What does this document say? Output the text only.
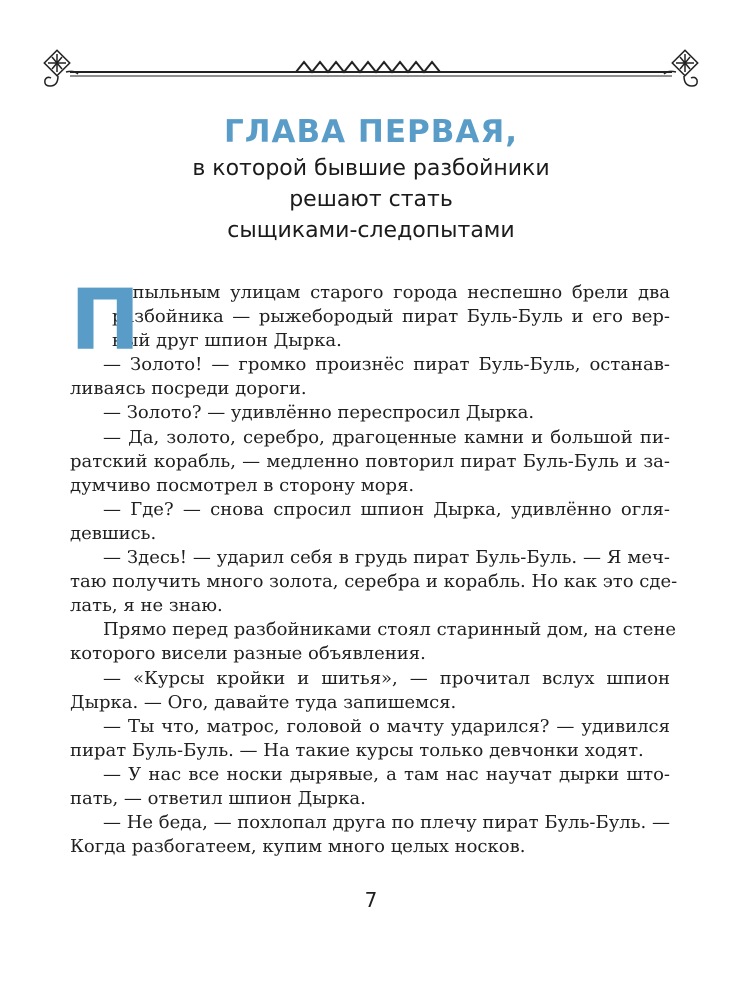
ГЛАВА ПЕРВАЯ,

в которой бывшие разбойники

решают стать

сыщиками-следопытами

П
о пыльным улицам старого города неспешно брели два
разбойника — рыжебородый пират Буль-Буль и его вер-
ный друг шпион Дырка.
— Золото! — громко произнёс пират Буль-Буль, останав-
ливаясь посреди дороги.
— Золото? — удивлённо переспросил Дырка.
— Да, золото, серебро, драгоценные камни и большой пи-
ратский корабль, — медленно повторил пират Буль-Буль и за-
думчиво посмотрел в сторону моря.
— Где? — снова спросил шпион Дырка, удивлённо огля-
девшись.
— Здесь! — ударил себя в грудь пират Буль-Буль. — Я меч-
таю получить много золота, серебра и корабль. Но как это сде-
лать, я не знаю.
Прямо перед разбойниками стоял старинный дом, на стене
которого висели разные объявления.
— «Курсы кройки и шитья», — прочитал вслух шпион
Дырка. — Ого, давайте туда запишемся.
— Ты что, матрос, головой о мачту ударился? — удивился
пират Буль-Буль. — На такие курсы только девчонки ходят.
— У нас все носки дырявые, а там нас научат дырки што-
пать, — ответил шпион Дырка.
— Не беда, — похлопал друга по плечу пират Буль-Буль. —
Когда разбогатеем, купим много целых носков.
7
